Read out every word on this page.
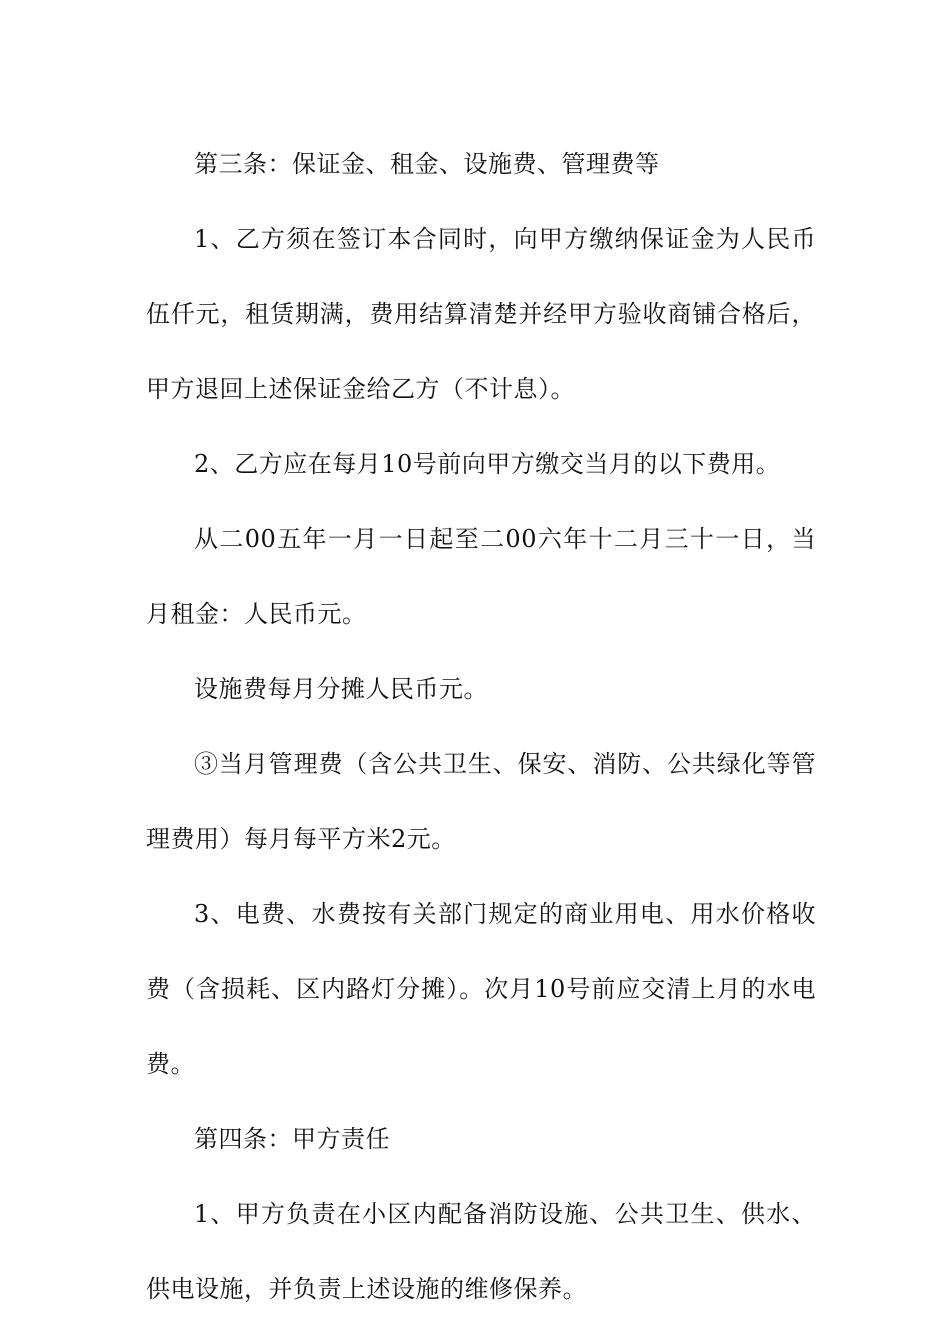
第三条：保证金、租金、设施费、管理费等

1、乙方须在签订本合同时，向甲方缴纳保证金为人民币伍仟元，租赁期满，费用结算清楚并经甲方验收商铺合格后，甲方退回上述保证金给乙方（不计息）。

2、乙方应在每月10号前向甲方缴交当月的以下费用。

从二00五年一月一日起至二00六年十二月三十一日，当月租金：人民币元。

设施费每月分摊人民币元。

③当月管理费（含公共卫生、保安、消防、公共绿化等管理费用）每月每平方米2元。

3、电费、水费按有关部门规定的商业用电、用水价格收费（含损耗、区内路灯分摊）。次月10号前应交清上月的水电费。

第四条：甲方责任

1、甲方负责在小区内配备消防设施、公共卫生、供水、供电设施，并负责上述设施的维修保养。
